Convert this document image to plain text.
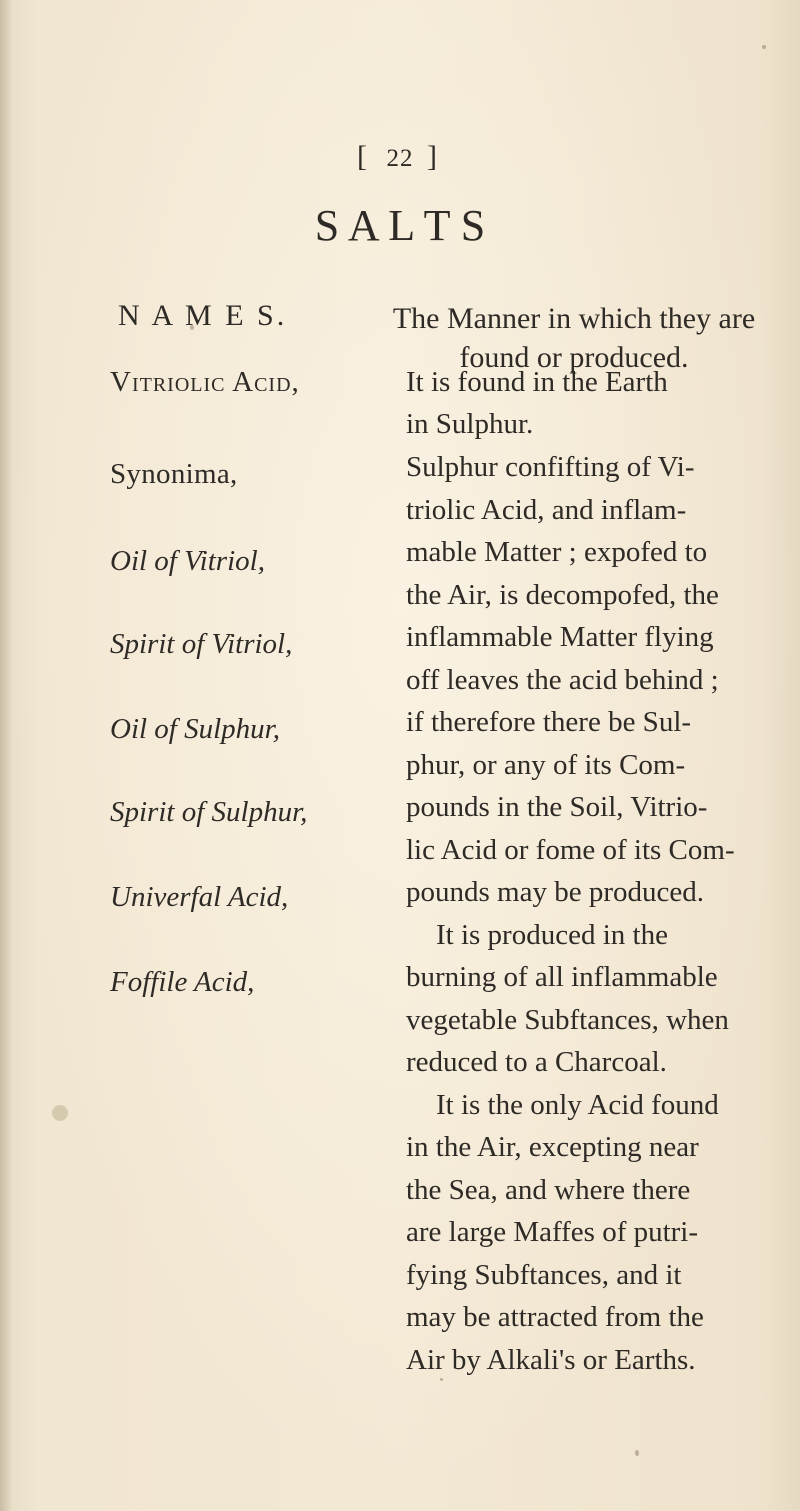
[ 22 ]
S A L T S
N A M E S.	The Manner in which they are found or produced.
Vitriolic Acid,
Synonima,
Oil of Vitriol,
Spirit of Vitriol,
Oil of Sulphur,
Spirit of Sulphur,
Univerfal Acid,
Foffile Acid,
It is found in the Earth
in Sulphur.
Sulphur confifting of Vi-
triolic Acid, and inflam-
mable Matter ; expofed to
the Air, is decompofed, the
inflammable Matter flying
off leaves the acid behind ;
if therefore there be Sul-
phur, or any of its Com-
pounds in the Soil, Vitrio-
lic Acid or fome of its Com-
pounds may be produced.
It is produced in the
burning of all inflammable
vegetable Subftances, when
reduced to a Charcoal.
It is the only Acid found
in the Air, excepting near
the Sea, and where there
are large Maffes of putri-
fying Subftances, and it
may be attracted from the
Air by Alkali's or Earths.
